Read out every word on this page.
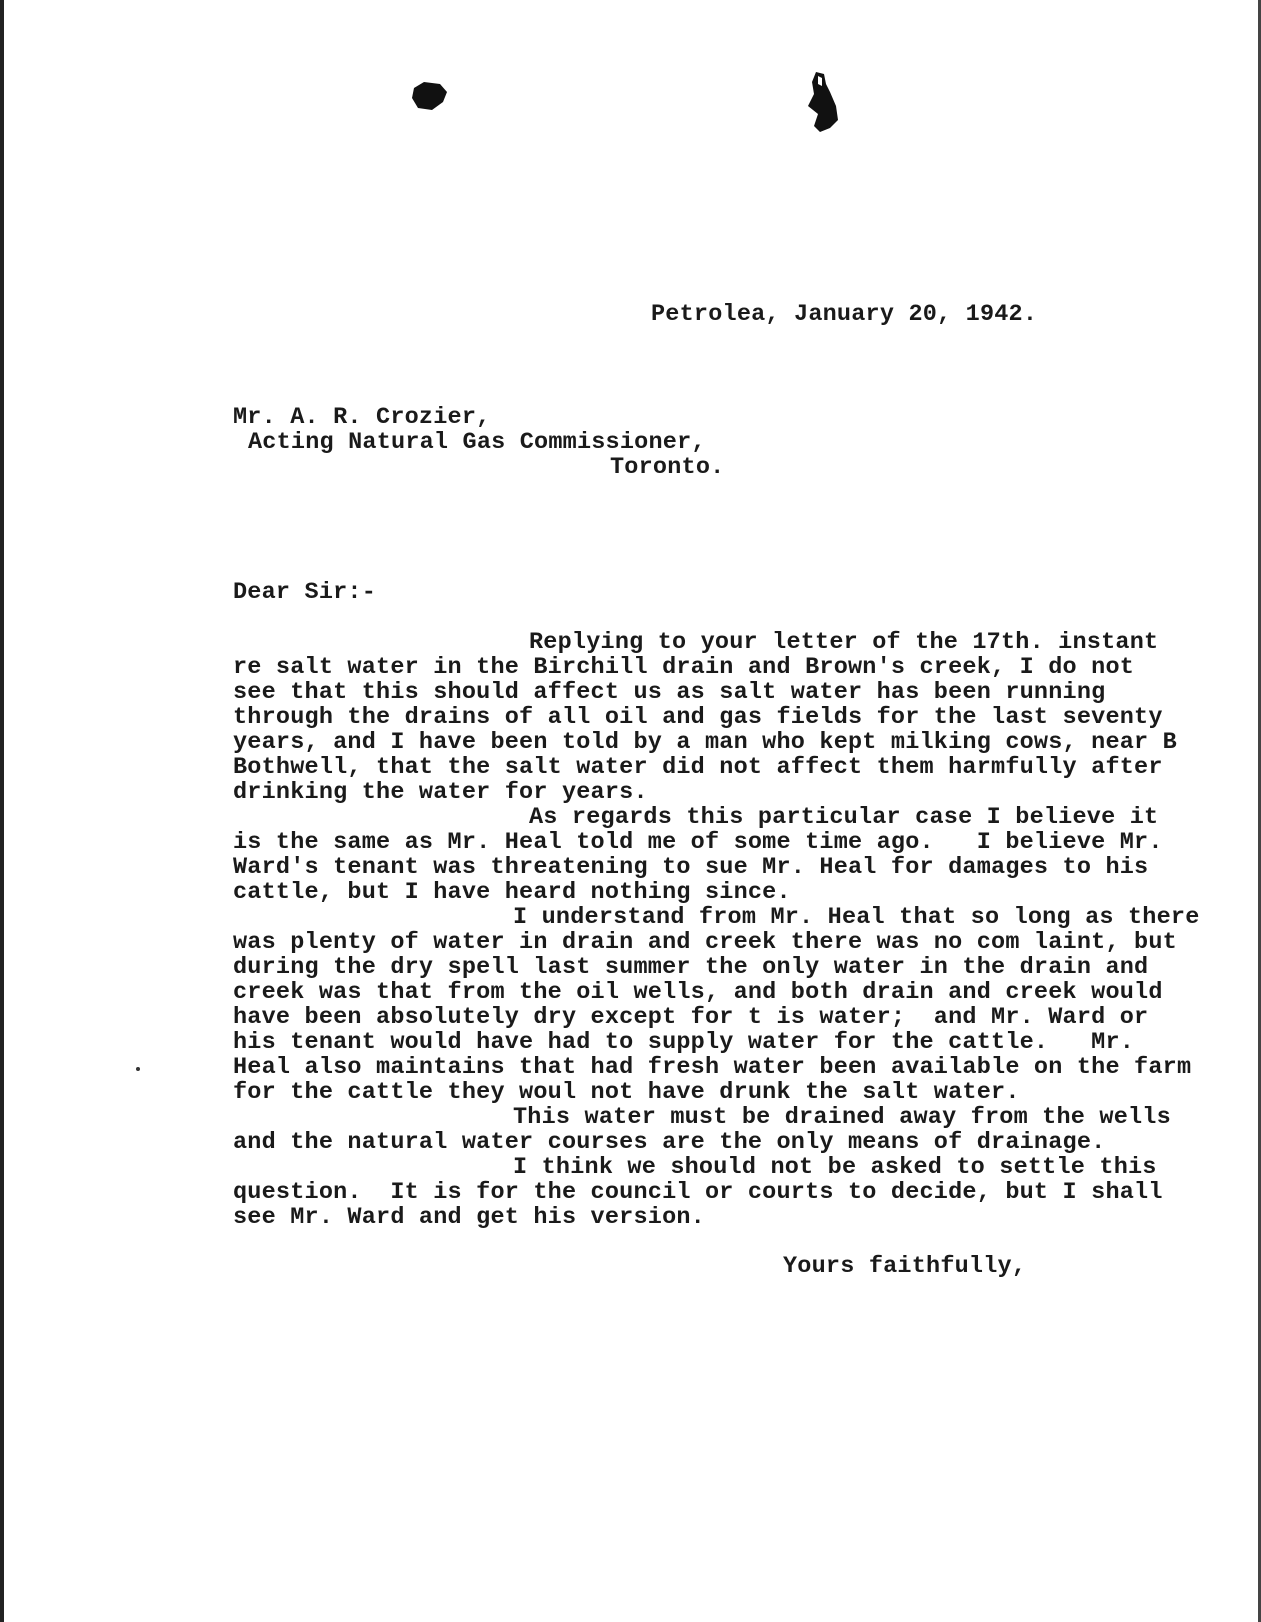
Petrolea, January 20, 1942.
Mr. A. R. Crozier,
Acting Natural Gas Commissioner,
Toronto.
Dear Sir:-
Replying to your letter of the 17th. instant
re salt water in the Birchill drain and Brown's creek, I do not
see that this should affect us as salt water has been running
through the drains of all oil and gas fields for the last seventy
years, and I have been told by a man who kept milking cows, near B
Bothwell, that the salt water did not affect them harmfully after
drinking the water for years.
As regards this particular case I believe it
is the same as Mr. Heal told me of some time ago.   I believe Mr.
Ward's tenant was threatening to sue Mr. Heal for damages to his
cattle, but I have heard nothing since.
I understand from Mr. Heal that so long as there
was plenty of water in drain and creek there was no com laint, but
during the dry spell last summer the only water in the drain and
creek was that from the oil wells, and both drain and creek would
have been absolutely dry except for t is water;  and Mr. Ward or
his tenant would have had to supply water for the cattle.   Mr.
Heal also maintains that had fresh water been available on the farm
for the cattle they woul not have drunk the salt water.
This water must be drained away from the wells
and the natural water courses are the only means of drainage.
I think we should not be asked to settle this
question.  It is for the council or courts to decide, but I shall
see Mr. Ward and get his version.
Yours faithfully,
